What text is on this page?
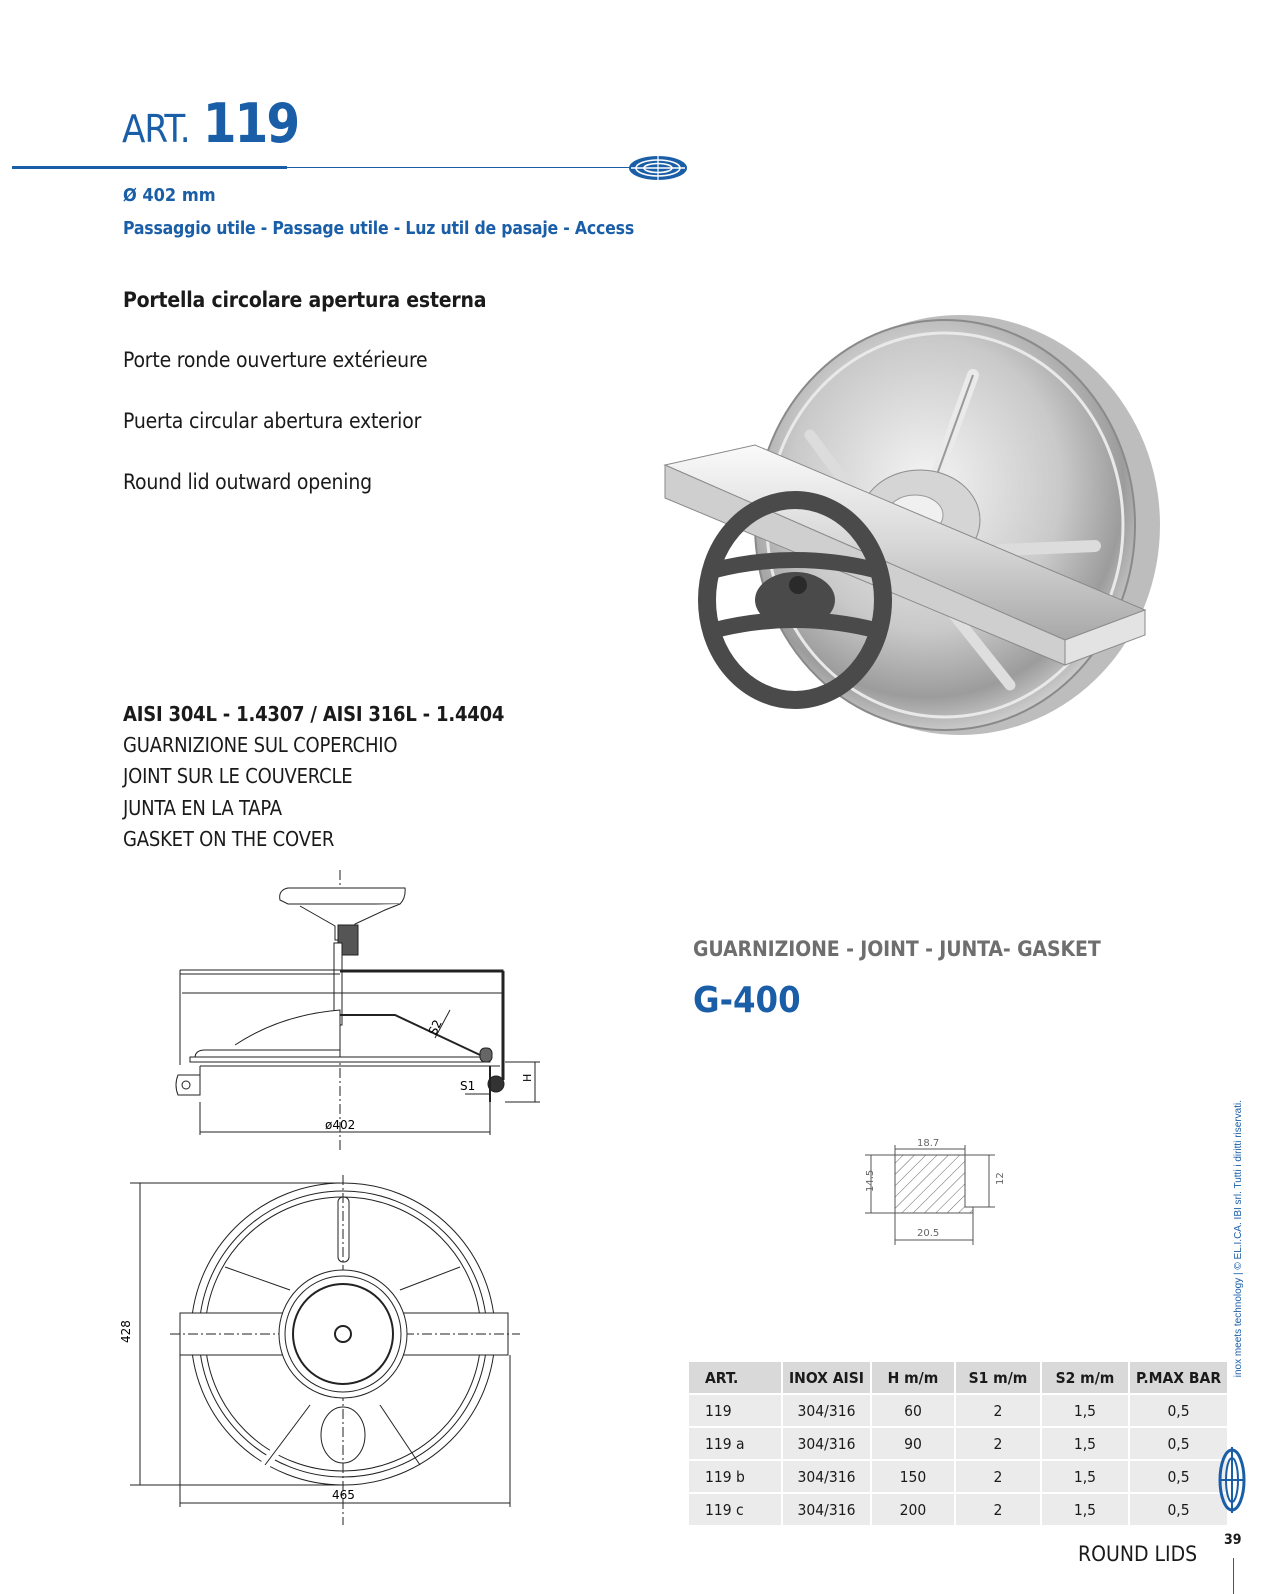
ART. 119
Ø 402 mm
Passaggio utile - Passage utile - Luz util de pasaje - Access
Portella circolare apertura esterna
Porte ronde ouverture extérieure
Puerta circular abertura exterior
Round lid outward opening
AISI 304L - 1.4307 / AISI 316L - 1.4404
GUARNIZIONE SUL COPERCHIO
JOINT SUR LE COUVERCLE
JUNTA EN LA TAPA
GASKET ON THE COVER
S2
S1
H
ø402
428
465
GUARNIZIONE - JOINT - JUNTA- GASKET
G-400
18.7
14.5	12
20.5
ART.	INOX AISI	H m/m	S1 m/m	S2 m/m	P.MAX BAR
119	304/316	60	2	1,5	0,5
119 a	304/316	90	2	1,5	0,5
119 b	304/316	150	2	1,5	0,5
119 c	304/316	200	2	1,5	0,5
ROUND LIDS
39
inox meets technology | © EL.I.CA. IBI srl. Tutti i diritti riservati.
